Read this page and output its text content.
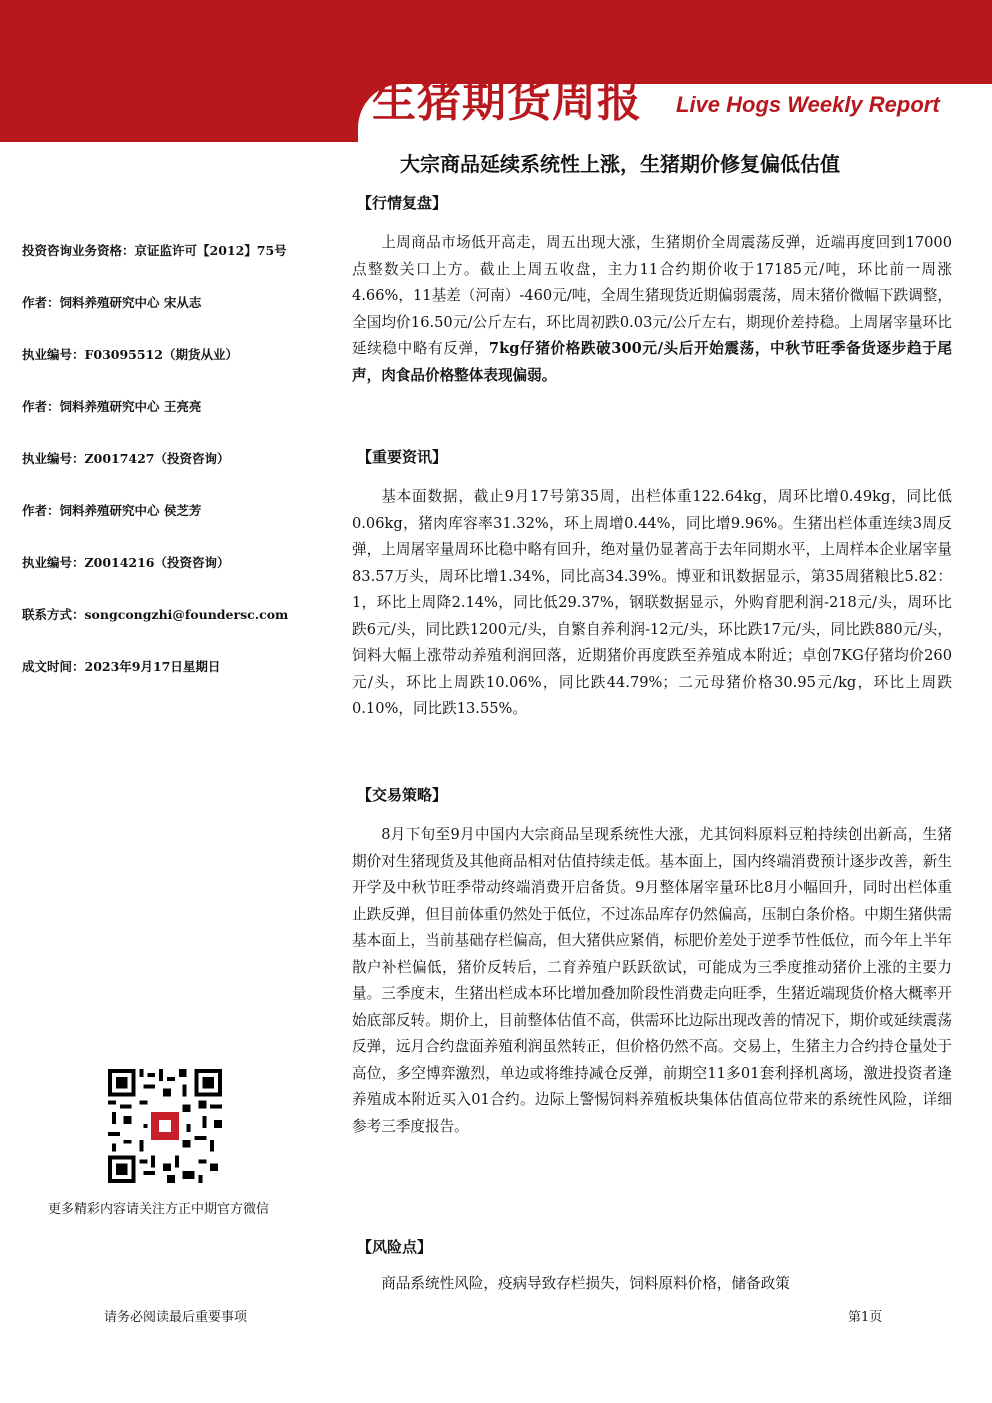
生猪期货周报 Live Hogs Weekly Report
大宗商品延续系统性上涨，生猪期价修复偏低估值
投资咨询业务资格：京证监许可【2012】75号
作者：饲料养殖研究中心 宋从志
执业编号：F03095512（期货从业）
作者：饲料养殖研究中心 王亮亮
执业编号：Z0017427（投资咨询）
作者：饲料养殖研究中心 侯芝芳
执业编号：Z0014216（投资咨询）
联系方式：songcongzhi@foundersc.com
成文时间：2023年9月17日星期日
更多精彩内容请关注方正中期官方微信
【行情复盘】

上周商品市场低开高走，周五出现大涨，生猪期价全周震荡反弹，近端再度回到17000点整数关口上方。截止上周五收盘，主力11合约期价收于17185元/吨，环比前一周涨4.66%，11基差（河南）-460元/吨，全周生猪现货近期偏弱震荡，周末猪价微幅下跌调整，全国均价16.50元/公斤左右，环比周初跌0.03元/公斤左右，期现价差持稳。上周屠宰量环比延续稳中略有反弹，7kg仔猪价格跌破300元/头后开始震荡，中秋节旺季备货逐步趋于尾声，肉食品价格整体表现偏弱。

【重要资讯】

基本面数据，截止9月17号第35周，出栏体重122.64kg，周环比增0.49kg，同比低0.06kg，猪肉库容率31.32%，环上周增0.44%，同比增9.96%。生猪出栏体重连续3周反弹，上周屠宰量周环比稳中略有回升，绝对量仍显著高于去年同期水平，上周样本企业屠宰量83.57万头，周环比增1.34%，同比高34.39%。博亚和讯数据显示，第35周猪粮比5.82：1，环比上周降2.14%，同比低29.37%，钢联数据显示，外购育肥利润-218元/头，周环比跌6元/头，同比跌1200元/头，自繁自养利润-12元/头，环比跌17元/头，同比跌880元/头，饲料大幅上涨带动养殖利润回落，近期猪价再度跌至养殖成本附近；卓创7KG仔猪均价260元/头，环比上周跌10.06%，同比跌44.79%；二元母猪价格30.95元/kg，环比上周跌0.10%，同比跌13.55%。

【交易策略】

8月下旬至9月中国内大宗商品呈现系统性大涨，尤其饲料原料豆粕持续创出新高，生猪期价对生猪现货及其他商品相对估值持续走低。基本面上，国内终端消费预计逐步改善，新生开学及中秋节旺季带动终端消费开启备货。9月整体屠宰量环比8月小幅回升，同时出栏体重止跌反弹，但目前体重仍然处于低位，不过冻品库存仍然偏高，压制白条价格。中期生猪供需基本面上，当前基础存栏偏高，但大猪供应紧俏，标肥价差处于逆季节性低位，而今年上半年散户补栏偏低，猪价反转后，二育养殖户跃跃欲试，可能成为三季度推动猪价上涨的主要力量。三季度末，生猪出栏成本环比增加叠加阶段性消费走向旺季，生猪近端现货价格大概率开始底部反转。期价上，目前整体估值不高，供需环比边际出现改善的情况下，期价或延续震荡反弹，远月合约盘面养殖利润虽然转正，但价格仍然不高。交易上，生猪主力合约持仓量处于高位，多空博弈激烈，单边或将维持减仓反弹，前期空11多01套利择机离场，激进投资者逢养殖成本附近买入01合约。边际上警惕饲料养殖板块集体估值高位带来的系统性风险，详细参考三季度报告。

【风险点】

商品系统性风险，疫病导致存栏损失，饲料原料价格，储备政策

请务必阅读最后重要事项	第1页
